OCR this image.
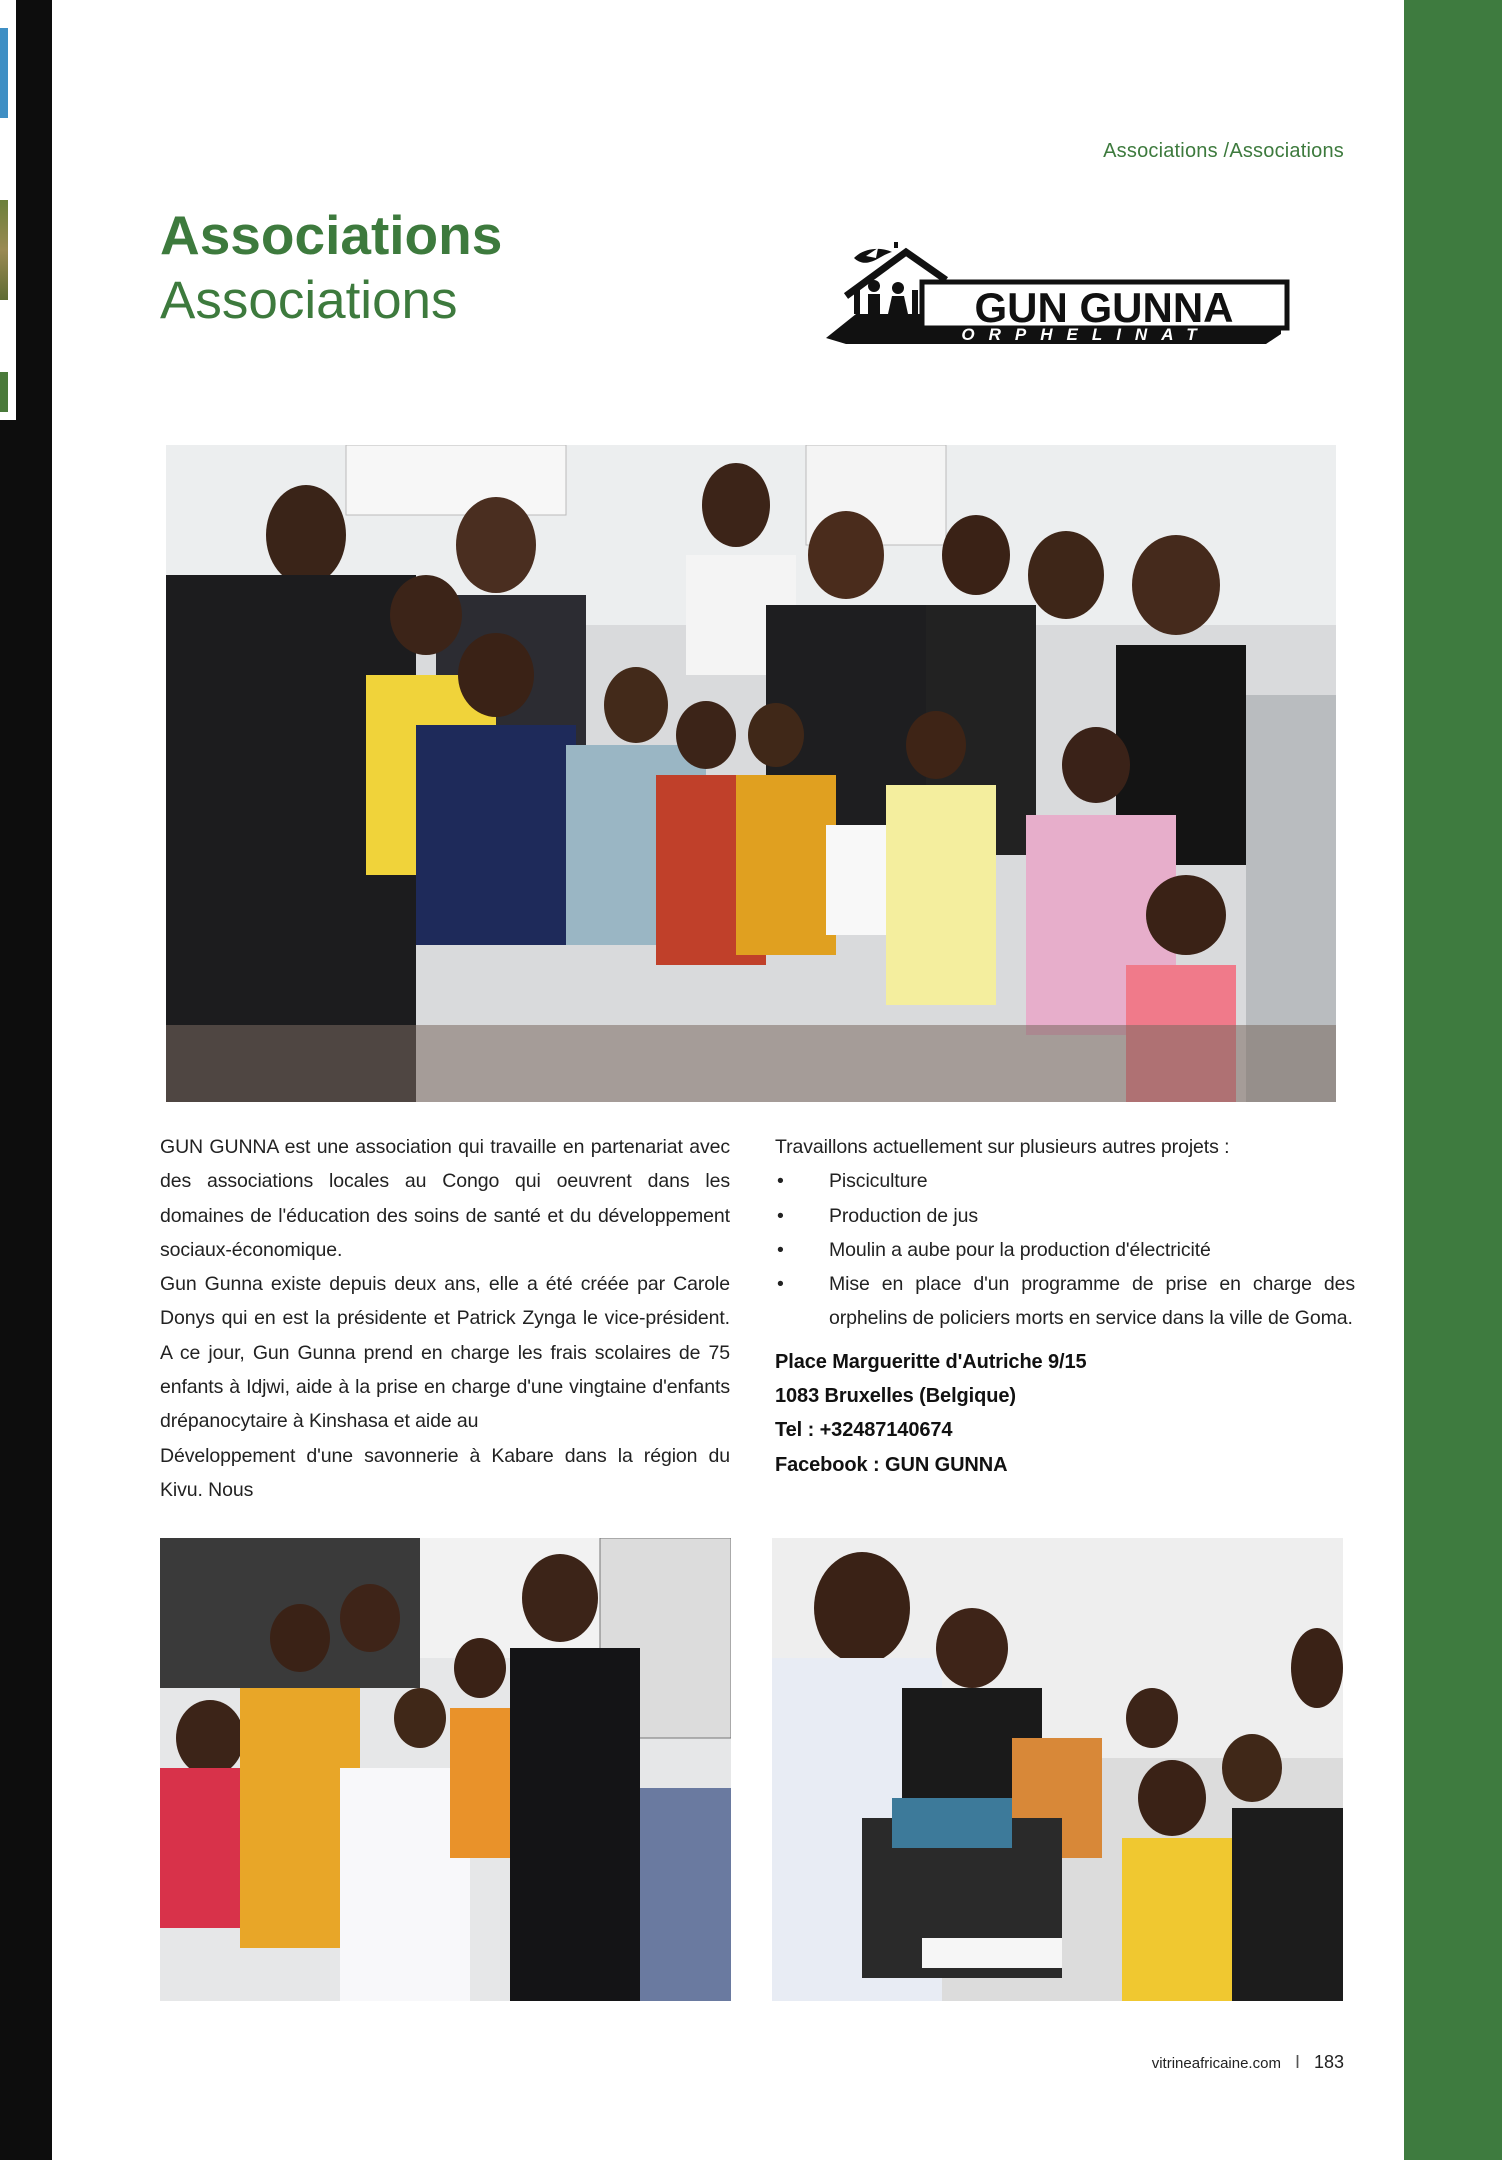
Associations /Associations
Associations
Associations	GUN GUNNA
ORPHELINAT

GUN GUNNA est une association qui travaille en partenariat avec des associations locales au Congo qui oeuvrent dans les domaines de l'éducation des soins de santé et du développement sociaux-économique.

Gun Gunna existe depuis deux ans, elle a été créée par Carole Donys qui en est la présidente et Patrick Zynga le vice-président. A ce jour, Gun Gunna prend en charge les frais scolaires de 75 enfants à Idjwi, aide à la prise en charge d'une vingtaine d'enfants drépanocytaire à Kinshasa et aide au

Développement d'une savonnerie à Kabare dans la région du Kivu. Nous

Travaillons actuellement sur plusieurs autres projets :

• Pisciculture
• Production de jus
• Moulin a aube pour la production d'électricité
• Mise en place d'un programme de prise en charge des orphelins de policiers morts en service dans la ville de Goma.
Place Margueritte d'Autriche 9/15
1083 Bruxelles (Belgique)
Tel : +32487140674
Facebook : GUN GUNNA
vitrineafricaine.com I 183
